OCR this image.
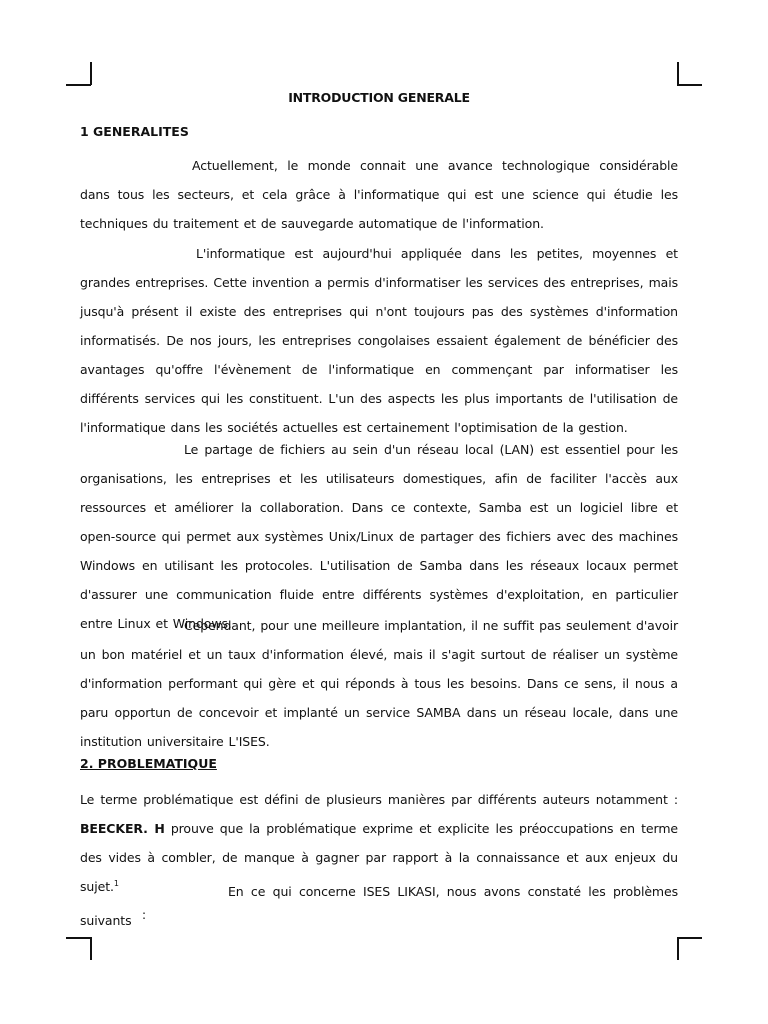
INTRODUCTION GENERALE
1 GENERALITES
Actuellement, le monde connait une avance technologique considérable dans tous les secteurs, et cela grâce à l'informatique qui est une science qui étudie les techniques du traitement et de sauvegarde automatique de l'information.
L'informatique est aujourd'hui appliquée dans les petites, moyennes et grandes entreprises. Cette invention a permis d'informatiser les services des entreprises, mais jusqu'à présent il existe des entreprises qui n'ont toujours pas des systèmes d'information informatisés. De nos jours, les entreprises congolaises essaient également de bénéficier des avantages qu'offre l'évènement de l'informatique en commençant par informatiser les différents services qui les constituent. L'un des aspects les plus importants de l'utilisation de l'informatique dans les sociétés actuelles est certainement l'optimisation de la gestion.
Le partage de fichiers au sein d'un réseau local (LAN) est essentiel pour les organisations, les entreprises et les utilisateurs domestiques, afin de faciliter l'accès aux ressources et améliorer la collaboration. Dans ce contexte, Samba est un logiciel libre et open-source qui permet aux systèmes Unix/Linux de partager des fichiers avec des machines Windows en utilisant les protocoles. L'utilisation de Samba dans les réseaux locaux permet d'assurer une communication fluide entre différents systèmes d'exploitation, en particulier entre Linux et Windows.
Cependant, pour une meilleure implantation, il ne suffit pas seulement d'avoir un bon matériel et un taux d'information élevé, mais il s'agit surtout de réaliser un système d'information performant qui gère et qui réponds à tous les besoins. Dans ce sens, il nous a paru opportun de concevoir et implanté un service SAMBA dans un réseau locale, dans une institution universitaire L'ISES.
2. PROBLEMATIQUE
Le terme problématique est défini de plusieurs manières par différents auteurs notamment : BEECKER. H prouve que la problématique exprime et explicite les préoccupations en terme des vides à combler, de manque à gagner par rapport à la connaissance et aux enjeux du sujet.$^1$
En ce qui concerne ISES LIKASI, nous avons constaté les problèmes suivants :
